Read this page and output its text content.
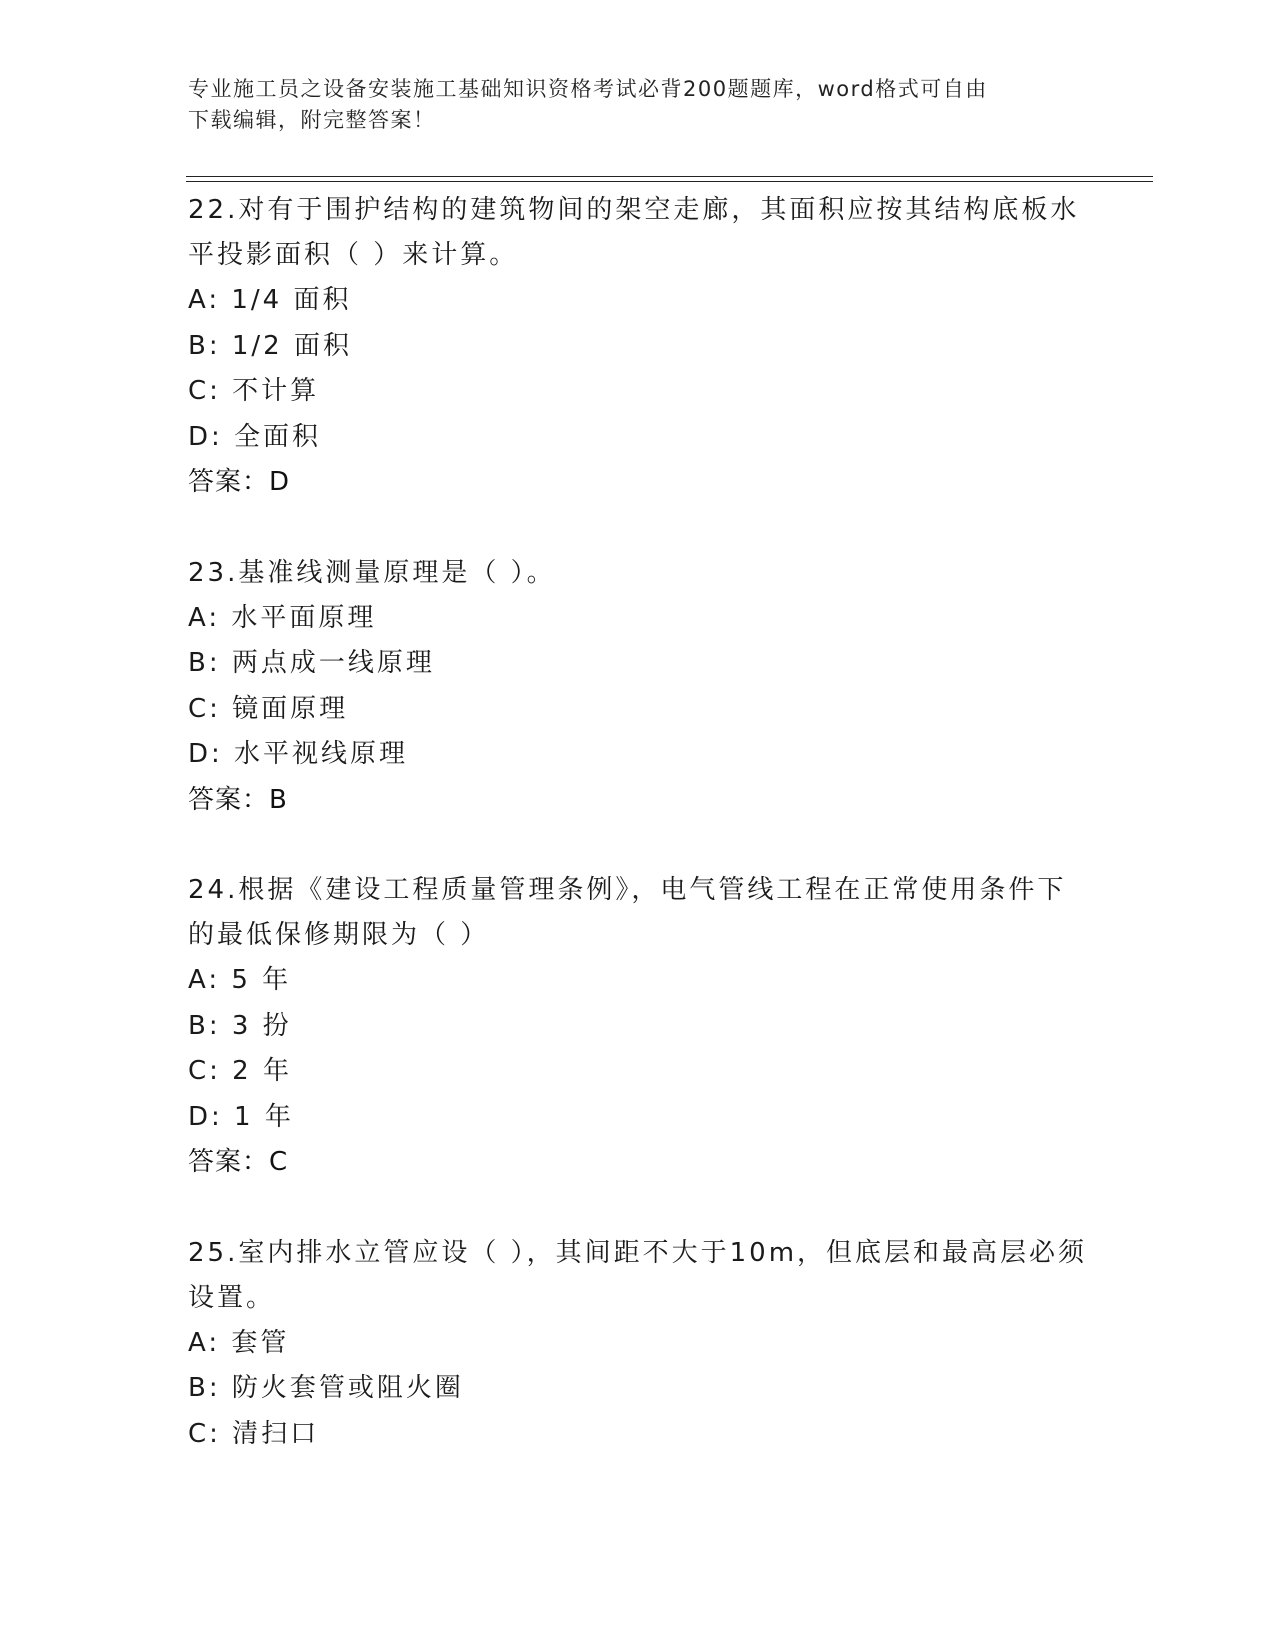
专业施工员之设备安装施工基础知识资格考试必背200题题库，word格式可自由
下载编辑，附完整答案！
22.对有于围护结构的建筑物间的架空走廊，其面积应按其结构底板水
平投影面积（ ）来计算。
A: 1/4 面积
B: 1/2 面积
C: 不计算
D: 全面积
答案：D
23.基准线测量原理是（ ）。
A: 水平面原理
B: 两点成一线原理
C: 镜面原理
D: 水平视线原理
答案：B
24.根据《建设工程质量管理条例》，电气管线工程在正常使用条件下
的最低保修期限为（ ）
A: 5 年
B: 3 扮
C: 2 年
D: 1 年
答案：C
25.室内排水立管应设（ ），其间距不大于10m，但底层和最高层必须
设置。
A: 套管
B: 防火套管或阻火圈
C: 清扫口
